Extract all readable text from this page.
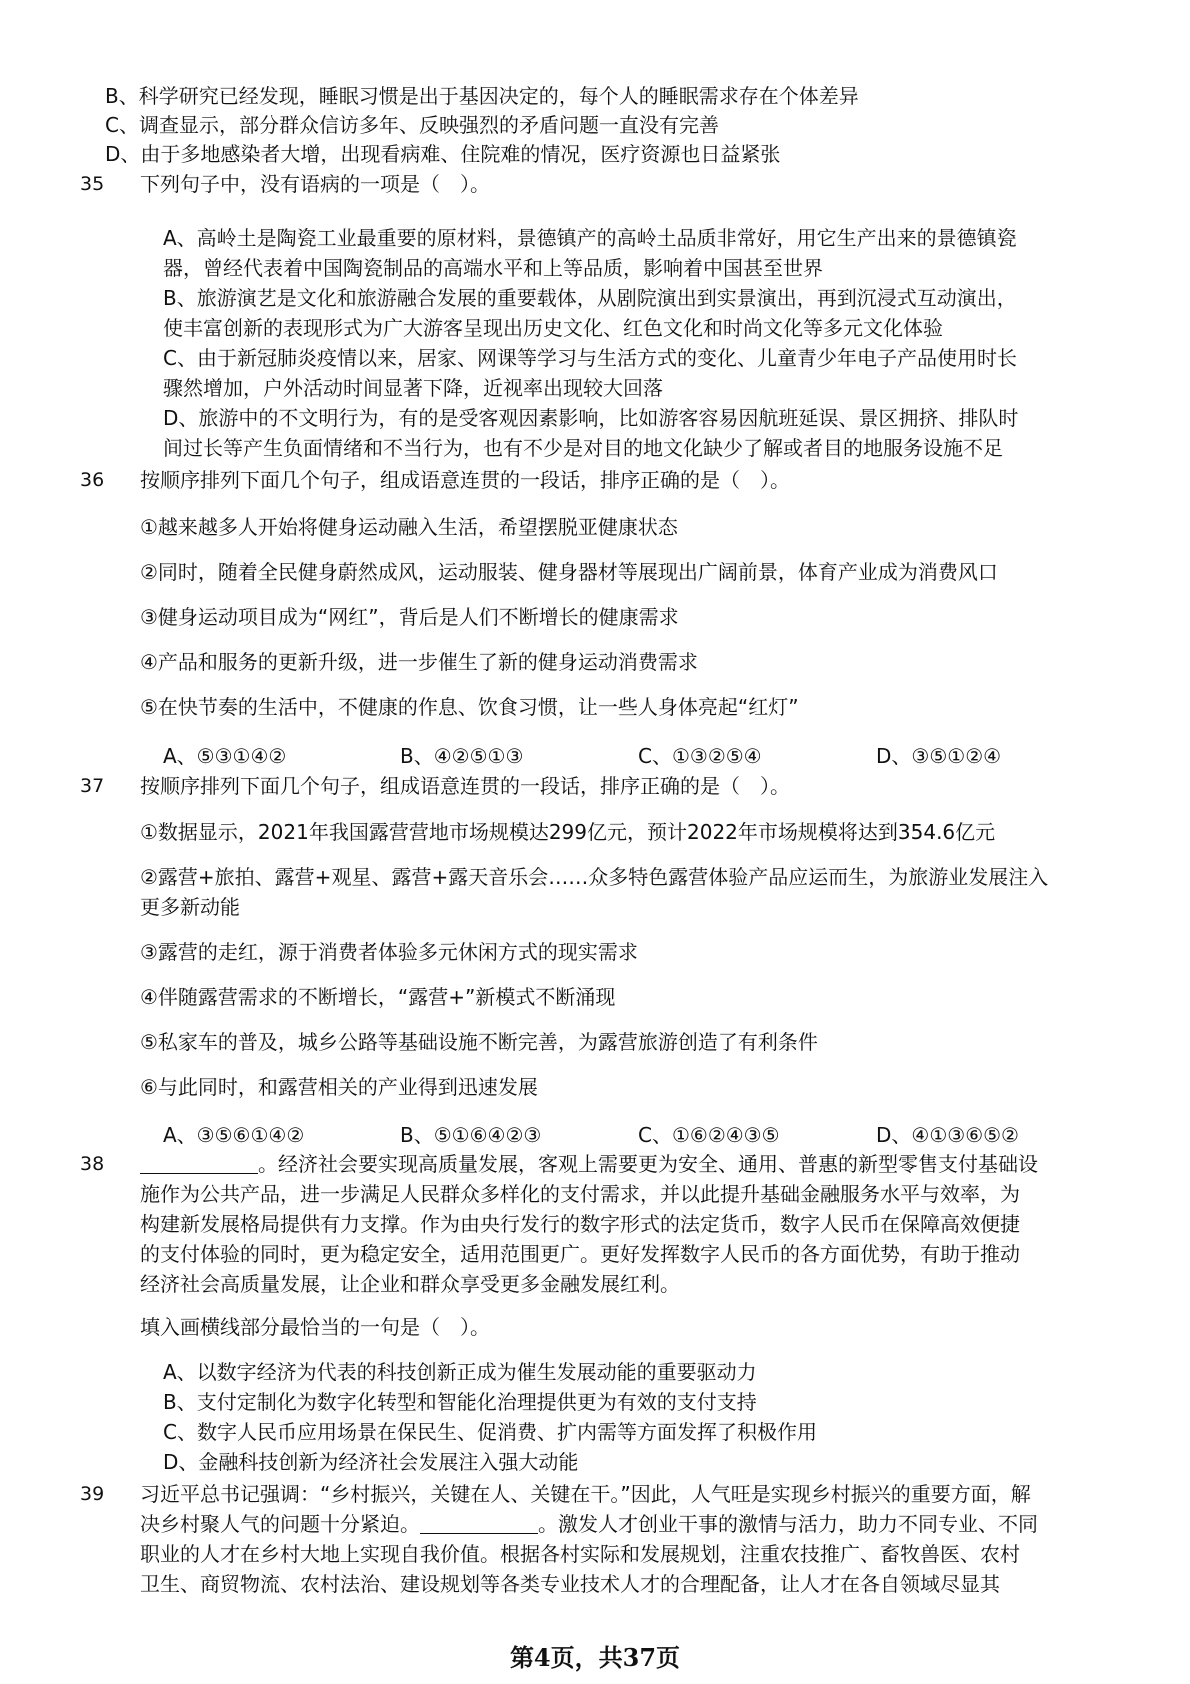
B、科学研究已经发现，睡眠习惯是出于基因决定的，每个人的睡眠需求存在个体差异
C、调查显示，部分群众信访多年、反映强烈的矛盾问题一直没有完善
D、由于多地感染者大增，出现看病难、住院难的情况，医疗资源也日益紧张
35 下列句子中，没有语病的一项是（　）。
A、高岭土是陶瓷工业最重要的原材料，景德镇产的高岭土品质非常好，用它生产出来的景德镇瓷
器，曾经代表着中国陶瓷制品的高端水平和上等品质，影响着中国甚至世界
B、旅游演艺是文化和旅游融合发展的重要载体，从剧院演出到实景演出，再到沉浸式互动演出，
使丰富创新的表现形式为广大游客呈现出历史文化、红色文化和时尚文化等多元文化体验
C、由于新冠肺炎疫情以来，居家、网课等学习与生活方式的变化、儿童青少年电子产品使用时长
骤然增加，户外活动时间显著下降，近视率出现较大回落
D、旅游中的不文明行为，有的是受客观因素影响，比如游客容易因航班延误、景区拥挤、排队时
间过长等产生负面情绪和不当行为，也有不少是对目的地文化缺少了解或者目的地服务设施不足
36 按顺序排列下面几个句子，组成语意连贯的一段话，排序正确的是（　）。
①越来越多人开始将健身运动融入生活，希望摆脱亚健康状态
②同时，随着全民健身蔚然成风，运动服装、健身器材等展现出广阔前景，体育产业成为消费风口
③健身运动项目成为“网红”，背后是人们不断增长的健康需求
④产品和服务的更新升级，进一步催生了新的健身运动消费需求
⑤在快节奏的生活中，不健康的作息、饮食习惯，让一些人身体亮起“红灯”
A、⑤③①④②	B、④②⑤①③	C、①③②⑤④	D、③⑤①②④
37 按顺序排列下面几个句子，组成语意连贯的一段话，排序正确的是（　）。
①数据显示，2021年我国露营营地市场规模达299亿元，预计2022年市场规模将达到354.6亿元
②露营+旅拍、露营+观星、露营+露天音乐会……众多特色露营体验产品应运而生，为旅游业发展注入
更多新动能
③露营的走红，源于消费者体验多元休闲方式的现实需求
④伴随露营需求的不断增长，“露营+”新模式不断涌现
⑤私家车的普及，城乡公路等基础设施不断完善，为露营旅游创造了有利条件
⑥与此同时，和露营相关的产业得到迅速发展
A、③⑤⑥①④②	B、⑤①⑥④②③	C、①⑥②④③⑤	D、④①③⑥⑤②
38	。经济社会要实现高质量发展，客观上需要更为安全、通用、普惠的新型零售支付基础设
施作为公共产品，进一步满足人民群众多样化的支付需求，并以此提升基础金融服务水平与效率，为
构建新发展格局提供有力支撑。作为由央行发行的数字形式的法定货币，数字人民币在保障高效便捷
的支付体验的同时，更为稳定安全，适用范围更广。更好发挥数字人民币的各方面优势，有助于推动
经济社会高质量发展，让企业和群众享受更多金融发展红利。
填入画横线部分最恰当的一句是（　）。
A、以数字经济为代表的科技创新正成为催生发展动能的重要驱动力
B、支付定制化为数字化转型和智能化治理提供更为有效的支付支持
C、数字人民币应用场景在保民生、促消费、扩内需等方面发挥了积极作用
D、金融科技创新为经济社会发展注入强大动能
39 习近平总书记强调：“乡村振兴，关键在人、关键在干。”因此，人气旺是实现乡村振兴的重要方面，解
决乡村聚人气的问题十分紧迫。	。激发人才创业干事的激情与活力，助力不同专业、不同
职业的人才在乡村大地上实现自我价值。根据各村实际和发展规划，注重农技推广、畜牧兽医、农村
卫生、商贸物流、农村法治、建设规划等各类专业技术人才的合理配备，让人才在各自领域尽显其
第4页，共37页
